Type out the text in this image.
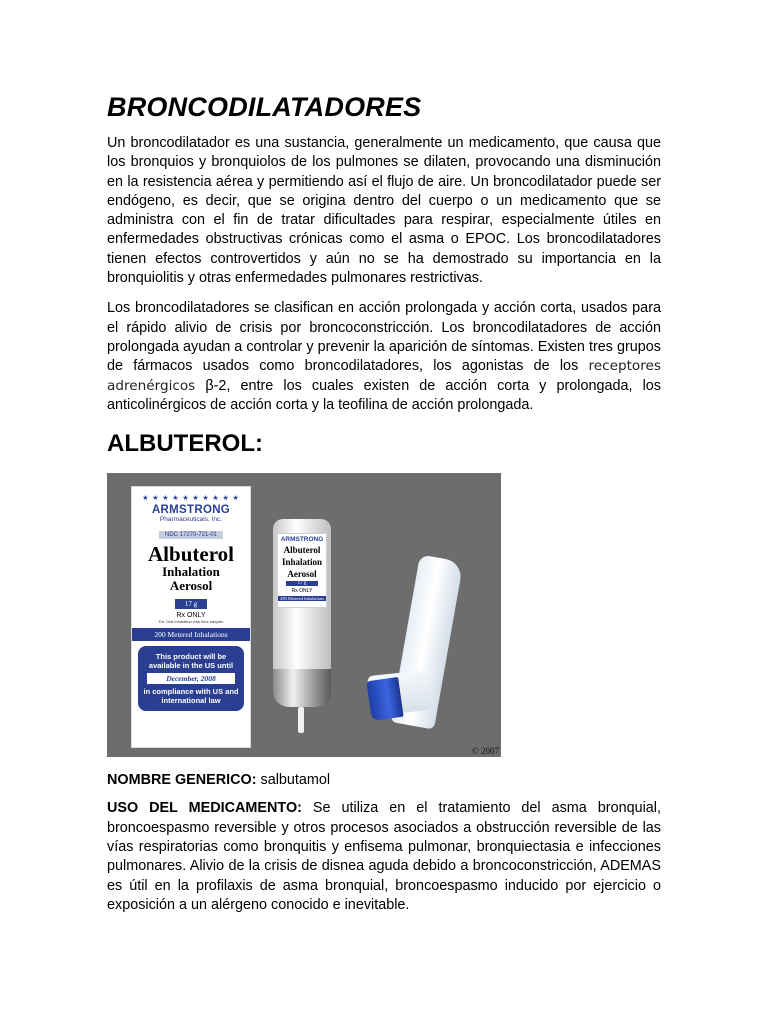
BRONCODILATADORES

Un broncodilatador es una sustancia, generalmente un medicamento, que causa que los bronquios y bronquiolos de los pulmones se dilaten, provocando una disminución en la resistencia aérea y permitiendo así el flujo de aire. Un broncodilatador puede ser endógeno, es decir, que se origina dentro del cuerpo o un medicamento que se administra con el fin de tratar dificultades para respirar, especialmente útiles en enfermedades obstructivas crónicas como el asma o EPOC. Los broncodilatadores tienen efectos controvertidos y aún no se ha demostrado su importancia en la bronquiolitis y otras enfermedades pulmonares restrictivas.

Los broncodilatadores se clasifican en acción prolongada y acción corta, usados para el rápido alivio de crisis por broncoconstricción. Los broncodilatadores de acción prolongada ayudan a controlar y prevenir la aparición de síntomas. Existen tres grupos de fármacos usados como broncodilatadores, los agonistas de los receptores adrenérgicos β-2, entre los cuales existen de acción corta y prolongada, los anticolinérgicos de acción corta y la teofilina de acción prolongada.

ALBUTEROL:
★ ★ ★ ★ ★ ★ ★ ★ ★ ★
ARMSTRONG
Pharmaceuticals, Inc.
NDC 17270-721-01
Albuterol
Inhalation
Aerosol
17 g
Rx ONLY
For Oral Inhalation with blue adapter
200 Metered Inhalations
This product will be available in the US until
December, 2008
in compliance with US and international law
ARMSTRONG
Albuterol
Inhalation
Aerosol
17 g
Rx ONLY
200 Metered Inhalations
© 2007

NOMBRE GENERICO: salbutamol

USO DEL MEDICAMENTO: Se utiliza en el tratamiento del asma bronquial, broncoespasmo reversible y otros procesos asociados a obstrucción reversible de las vías respiratorias como bronquitis y enfisema pulmonar, bronquiectasia e infecciones pulmonares. Alivio de la crisis de disnea aguda debido a broncoconstricción, ADEMAS es útil en la profilaxis de asma bronquial, broncoespasmo inducido por ejercicio o exposición a un alérgeno conocido e inevitable.
